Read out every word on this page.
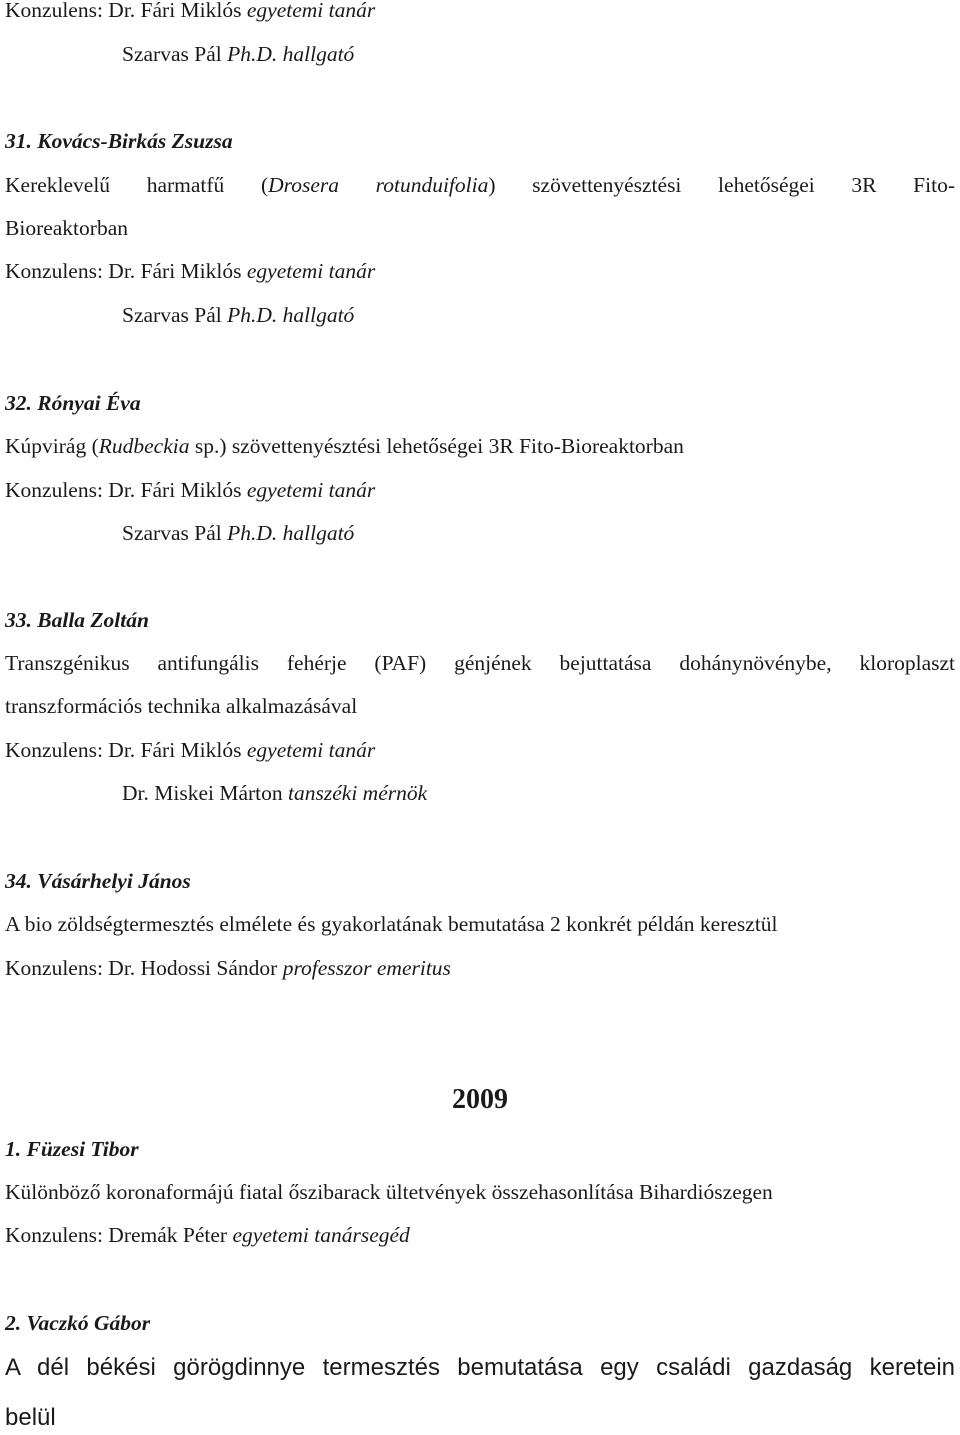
Konzulens: Dr. Fári Miklós egyetemi tanár
Szarvas Pál Ph.D. hallgató
31. Kovács-Birkás Zsuzsa
Kereklevelű harmatfű (Drosera rotunduifolia) szövettenyésztési lehetőségei 3R Fito-
Bioreaktorban
Konzulens: Dr. Fári Miklós egyetemi tanár
Szarvas Pál Ph.D. hallgató
32. Rónyai Éva
Kúpvirág (Rudbeckia sp.) szövettenyésztési lehetőségei 3R Fito-Bioreaktorban
Konzulens: Dr. Fári Miklós egyetemi tanár
Szarvas Pál Ph.D. hallgató
33. Balla Zoltán
Transzgénikus antifungális fehérje (PAF) génjének bejuttatása dohánynövénybe, kloroplaszt
transzformációs technika alkalmazásával
Konzulens: Dr. Fári Miklós egyetemi tanár
Dr. Miskei Márton tanszéki mérnök
34. Vásárhelyi János
A bio zöldségtermesztés elmélete és gyakorlatának bemutatása 2 konkrét példán keresztül
Konzulens: Dr. Hodossi Sándor professzor emeritus
2009
1. Füzesi Tibor
Különböző koronaformájú fiatal őszibarack ültetvények összehasonlítása Bihardiószegen
Konzulens: Dremák Péter egyetemi tanársegéd
2. Vaczkó Gábor
A dél békési görögdinnye termesztés bemutatása egy családi gazdaság keretein
belül
